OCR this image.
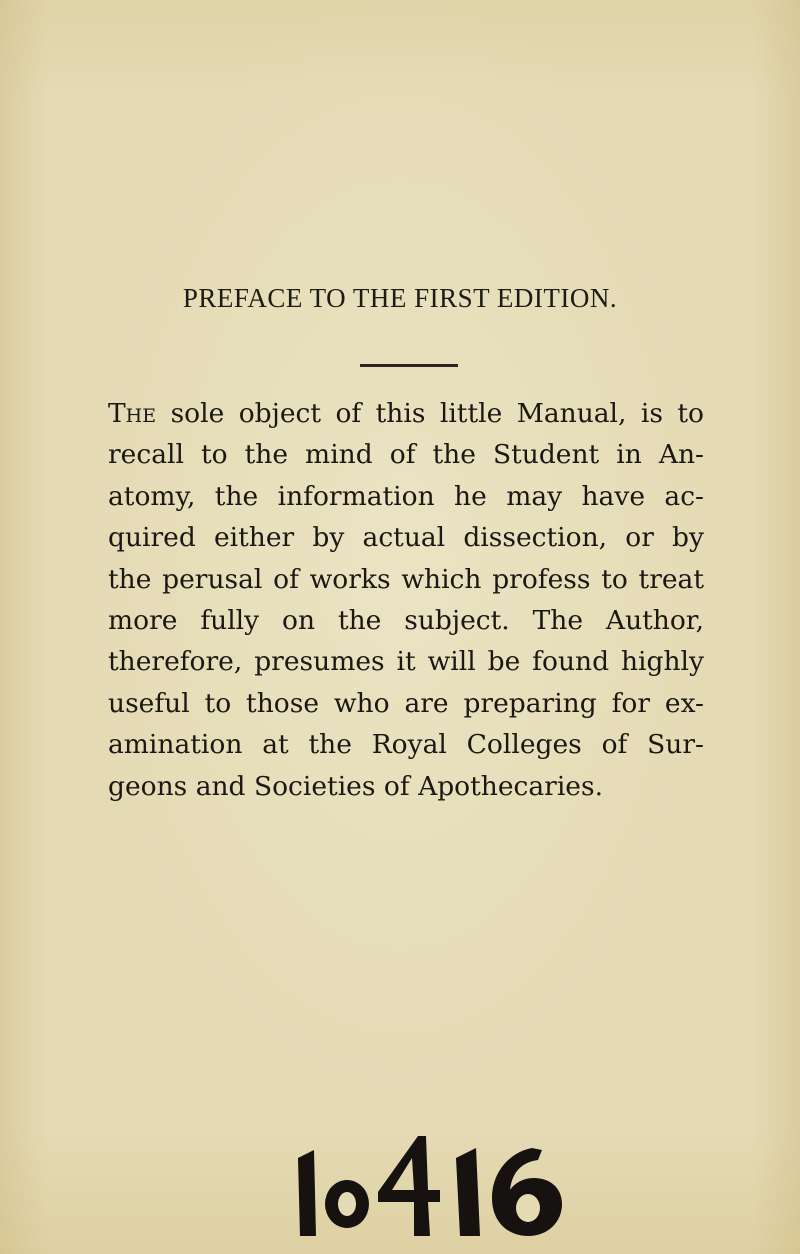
PREFACE TO THE FIRST EDITION.
The sole object of this little Manual, is to
recall to the mind of the Student in An-
atomy, the information he may have ac-
quired either by actual dissection, or by
the perusal of works which profess to treat
more fully on the subject. The Author,
therefore, presumes it will be found highly
useful to those who are preparing for ex-
amination at the Royal Colleges of Sur-
geons and Societies of Apothecaries.
